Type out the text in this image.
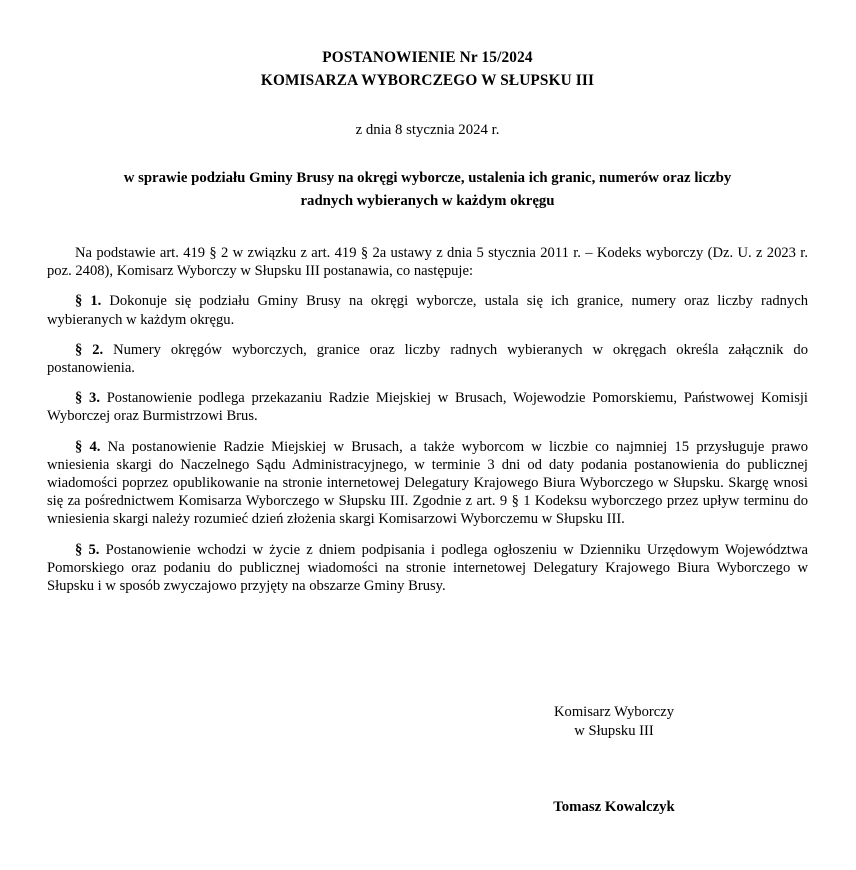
POSTANOWIENIE Nr 15/2024
KOMISARZA WYBORCZEGO W SŁUPSKU III

z dnia 8 stycznia 2024 r.

w sprawie podziału Gminy Brusy na okręgi wyborcze, ustalenia ich granic, numerów oraz liczby
radnych wybieranych w każdym okręgu

Na podstawie art. 419 § 2 w związku z art. 419 § 2a ustawy z dnia 5 stycznia 2011 r. – Kodeks wyborczy (Dz. U. z 2023 r. poz. 2408), Komisarz Wyborczy w Słupsku III postanawia, co następuje:

§ 1. Dokonuje się podziału Gminy Brusy na okręgi wyborcze, ustala się ich granice, numery oraz liczby radnych wybieranych w każdym okręgu.

§ 2. Numery okręgów wyborczych, granice oraz liczby radnych wybieranych w okręgach określa załącznik do postanowienia.

§ 3. Postanowienie podlega przekazaniu Radzie Miejskiej w Brusach, Wojewodzie Pomorskiemu, Państwowej Komisji Wyborczej oraz Burmistrzowi Brus.

§ 4. Na postanowienie Radzie Miejskiej w Brusach, a także wyborcom w liczbie co najmniej 15 przysługuje prawo wniesienia skargi do Naczelnego Sądu Administracyjnego, w terminie 3 dni od daty podania postanowienia do publicznej wiadomości poprzez opublikowanie na stronie internetowej Delegatury Krajowego Biura Wyborczego w Słupsku. Skargę wnosi się za pośrednictwem Komisarza Wyborczego w Słupsku III. Zgodnie z art. 9 § 1 Kodeksu wyborczego przez upływ terminu do wniesienia skargi należy rozumieć dzień złożenia skargi Komisarzowi Wyborczemu w Słupsku III.

§ 5. Postanowienie wchodzi w życie z dniem podpisania i podlega ogłoszeniu w Dzienniku Urzędowym Województwa Pomorskiego oraz podaniu do publicznej wiadomości na stronie internetowej Delegatury Krajowego Biura Wyborczego w Słupsku i w sposób zwyczajowo przyjęty na obszarze Gminy Brusy.

Komisarz Wyborczy
w Słupsku III
Tomasz Kowalczyk
